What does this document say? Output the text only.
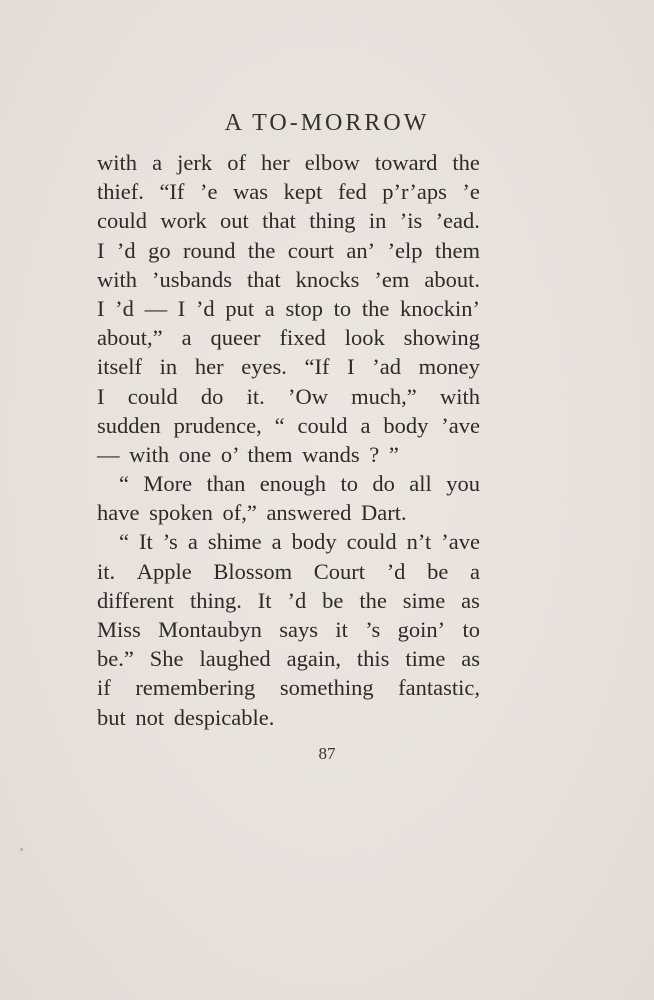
A TO-MORROW
with a jerk of her elbow toward the
thief. “If ’e was kept fed p’r’aps ’e
could work out that thing in ’is ’ead.
I ’d go round the court an’ ’elp them
with ’usbands that knocks ’em about.
I ’d — I ’d put a stop to the knockin’
about,” a queer fixed look showing
itself in her eyes. “If I ’ad money
I could do it. ’Ow much,” with
sudden prudence, “ could a body ’ave
— with one o’ them wands ? ”
“ More than enough to do all you
have spoken of,” answered Dart.
“ It ’s a shime a body could n’t ’ave
it. Apple Blossom Court ’d be a
different thing. It ’d be the sime as
Miss Montaubyn says it ’s goin’ to
be.” She laughed again, this time as
if remembering something fantastic,
but not despicable.
87
